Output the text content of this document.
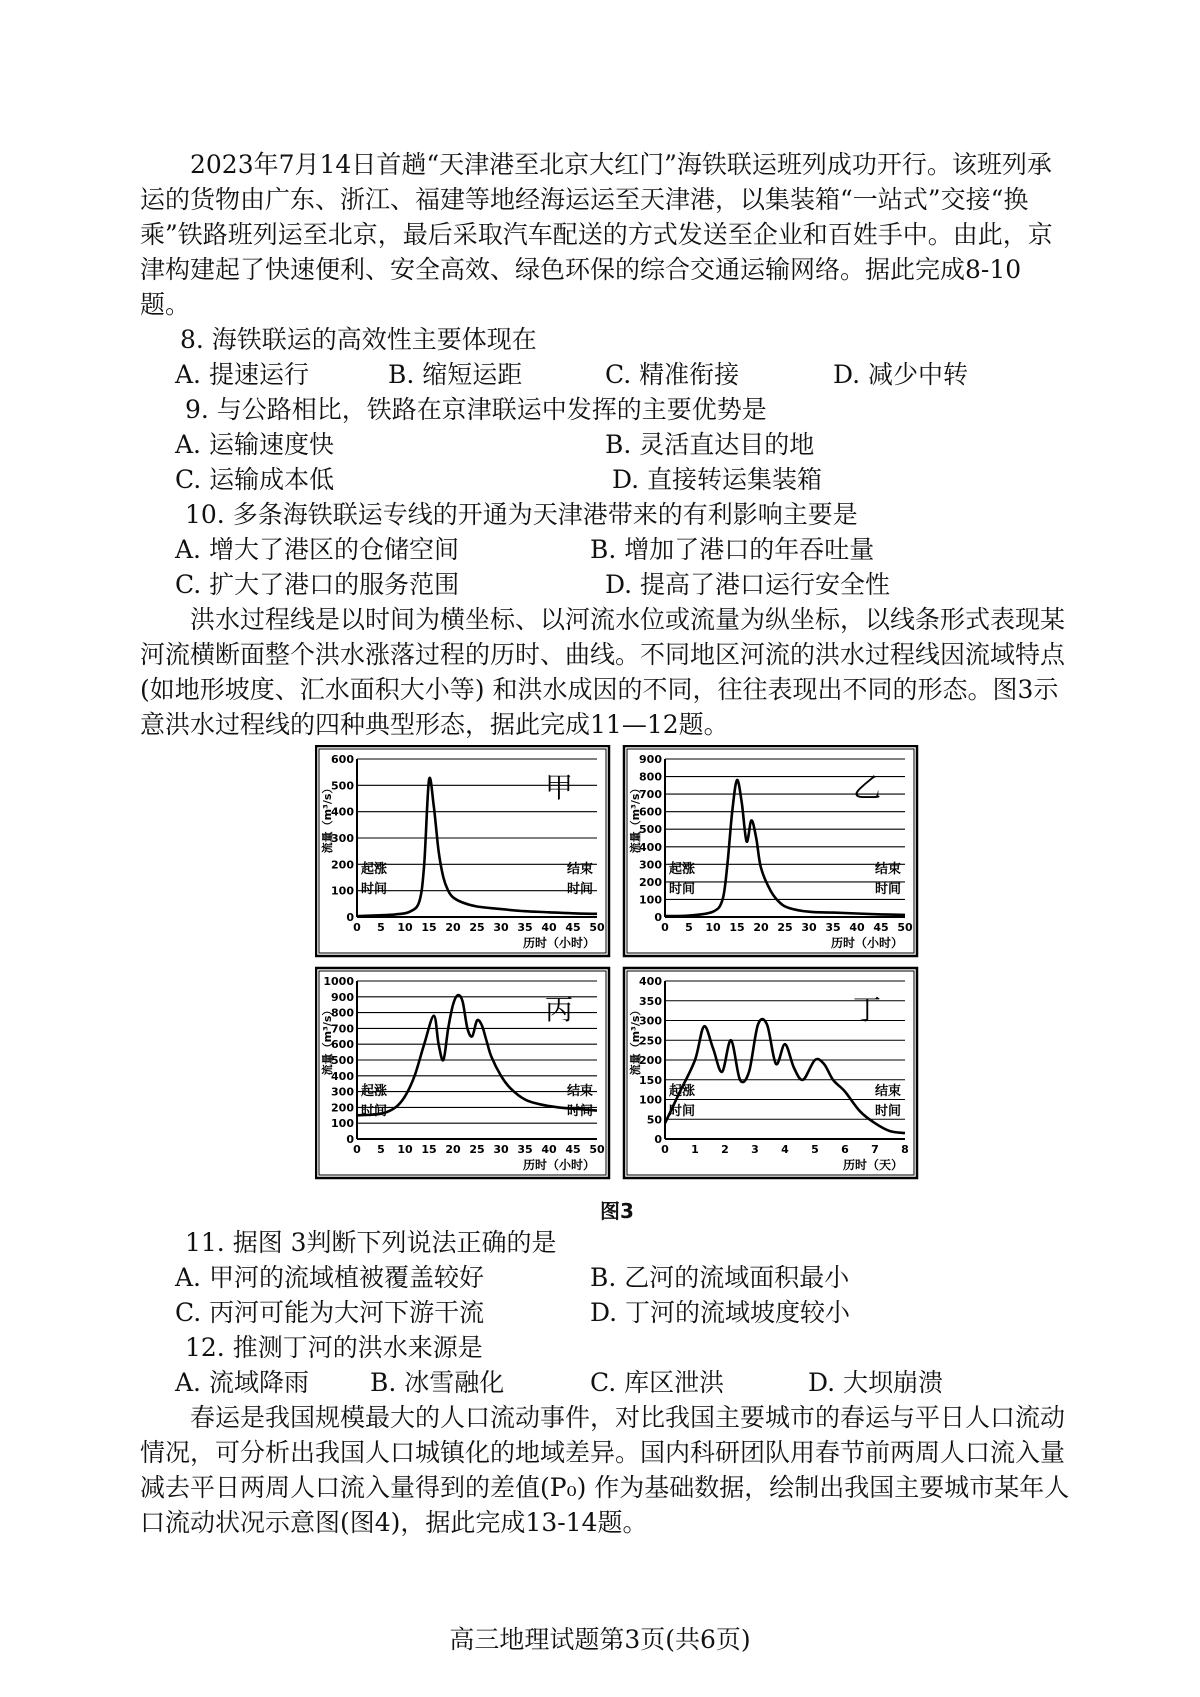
2023年7月14日首趟“天津港至北京大红门”海铁联运班列成功开行。该班列承运的货物由广东、浙江、福建等地经海运运至天津港，以集装箱“一站式”交接“换乘”铁路班列运至北京，最后采取汽车配送的方式发送至企业和百姓手中。由此，京津构建起了快速便利、安全高效、绿色环保的综合交通运输网络。据此完成8-10题。

8. 海铁联运的高效性主要体现在
A. 提速运行	B. 缩短运距	C. 精准衔接	D. 减少中转
9. 与公路相比，铁路在京津联运中发挥的主要优势是
A. 运输速度快	B. 灵活直达目的地
C. 运输成本低	D. 直接转运集装箱
10. 多条海铁联运专线的开通为天津港带来的有利影响主要是
A. 增大了港区的仓储空间	B. 增加了港口的年吞吐量
C. 扩大了港口的服务范围	D. 提高了港口运行安全性

洪水过程线是以时间为横坐标、以河流水位或流量为纵坐标，以线条形式表现某河流横断面整个洪水涨落过程的历时、曲线。不同地区河流的洪水过程线因流域特点(如地形坡度、汇水面积大小等) 和洪水成因的不同，往往表现出不同的形态。图3示意洪水过程线的四种典型形态，据此完成11—12题。

0
100
200
300
400
500
600
0 5 10 15 20 25 30 35 40 45 50
流量（m³/s）
历时（小时）
甲
起涨
时间
结束
时间
0
100
200
300
400
500
600
700
800
900
0 5 10 15 20 25 30 35 40 45 50
流量（m³/s）
历时（小时）
乙
起涨
时间
结束
时间
0
100
200
300
400
500
600
700
800
900
1000
0 5 10 15 20 25 30 35 40 45 50
流量（m³/s）
历时（小时）
丙
起涨
时间
结束
时间
0
50
100
150
200
250
300
350
400
0 1 2 3 4 5 6 7 8
流量（m³/s）
历时（天）
丁
起涨
时间
结束
时间
图3
11. 据图 3判断下列说法正确的是
A. 甲河的流域植被覆盖较好	B. 乙河的流域面积最小
C. 丙河可能为大河下游干流	D. 丁河的流域坡度较小
12. 推测丁河的洪水来源是
A. 流域降雨 B. 冰雪融化	C. 库区泄洪	D. 大坝崩溃

春运是我国规模最大的人口流动事件，对比我国主要城市的春运与平日人口流动情况，可分析出我国人口城镇化的地域差异。国内科研团队用春节前两周人口流入量减去平日两周人口流入量得到的差值(P₀) 作为基础数据，绘制出我国主要城市某年人口流动状况示意图(图4)，据此完成13-14题。

高三地理试题第3页(共6页)
